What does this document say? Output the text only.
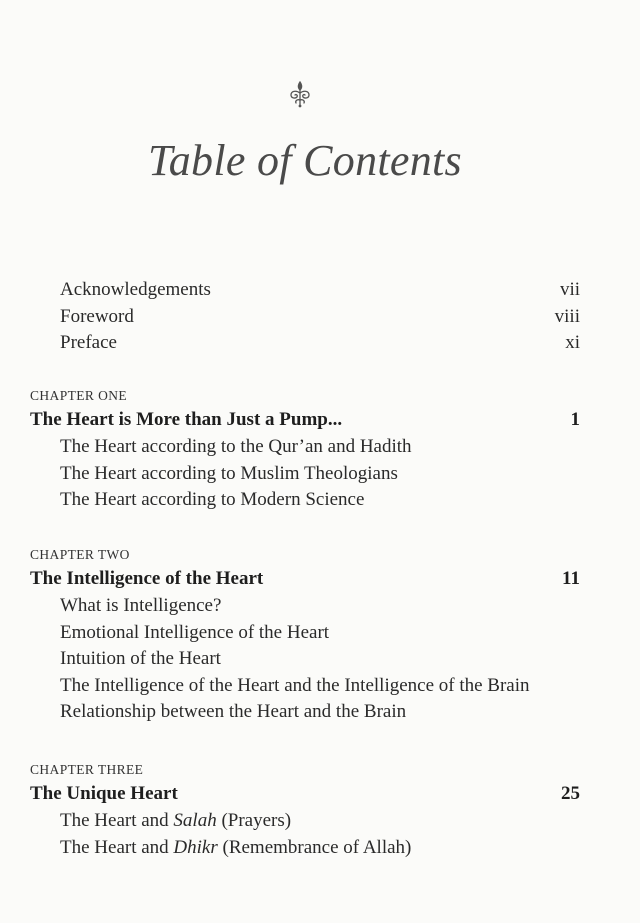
Table of Contents
Acknowledgements	vii
Foreword	viii
Preface	xi
CHAPTER ONE
The Heart is More than Just a Pump...	1
The Heart according to the Qur’an and Hadith
The Heart according to Muslim Theologians
The Heart according to Modern Science
CHAPTER TWO
The Intelligence of the Heart	11
What is Intelligence?
Emotional Intelligence of the Heart
Intuition of the Heart
The Intelligence of the Heart and the Intelligence of the Brain
Relationship between the Heart and the Brain
CHAPTER THREE
The Unique Heart	25
The Heart and Salah (Prayers)
The Heart and Dhikr (Remembrance of Allah)
